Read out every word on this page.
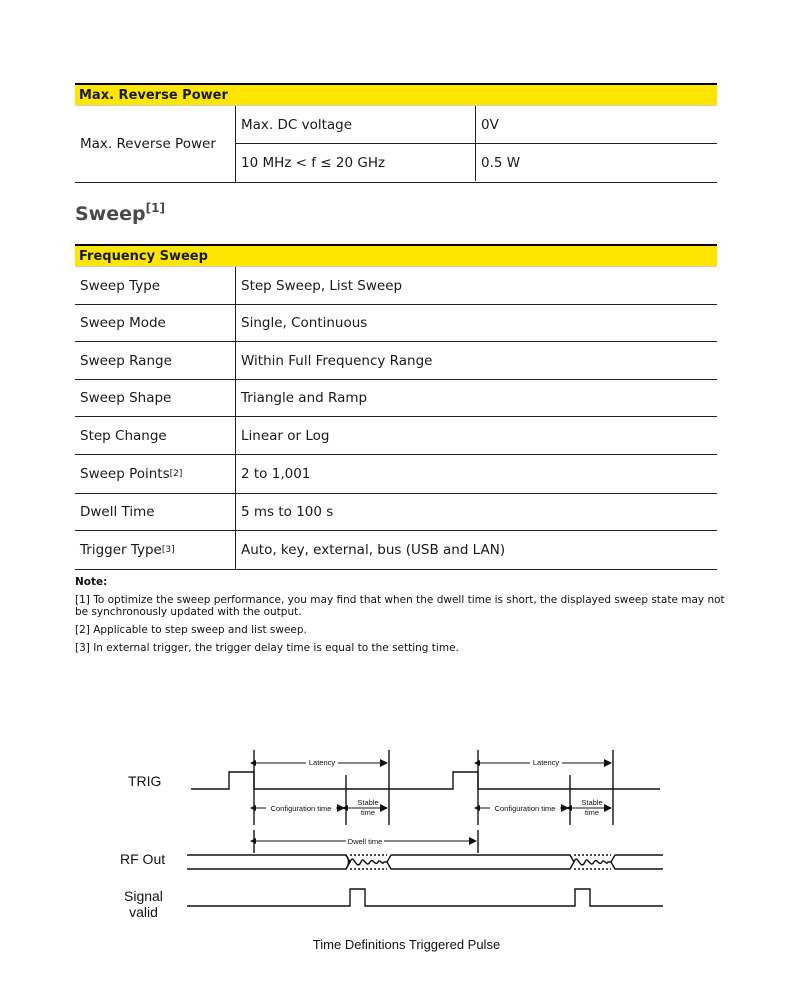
Max. Reverse Power
Max. Reverse Power
Max. DC voltage	0V
10 MHz < f ≤ 20 GHz	0.5 W
Sweep[1]
Frequency Sweep
Sweep Type	Step Sweep, List Sweep
Sweep Mode	Single, Continuous
Sweep Range	Within Full Frequency Range
Sweep Shape	Triangle and Ramp
Step Change	Linear or Log
Sweep Points [2]	2 to 1,001
Dwell Time	5 ms to 100 s
Trigger Type [3]	Auto, key, external, bus (USB and LAN)
Note:

[1] To optimize the sweep performance, you may find that when the dwell time is short, the displayed sweep state may not be synchronously updated with the output.

[2] Applicable to step sweep and list sweep.

[3] In external trigger, the trigger delay time is equal to the setting time.

TRIG
RF Out
Signal
valid
Latency	Latency
Configuration time	Configuration time
Stable
time
Stable
time
Dwell time
Time Definitions Triggered Pulse
